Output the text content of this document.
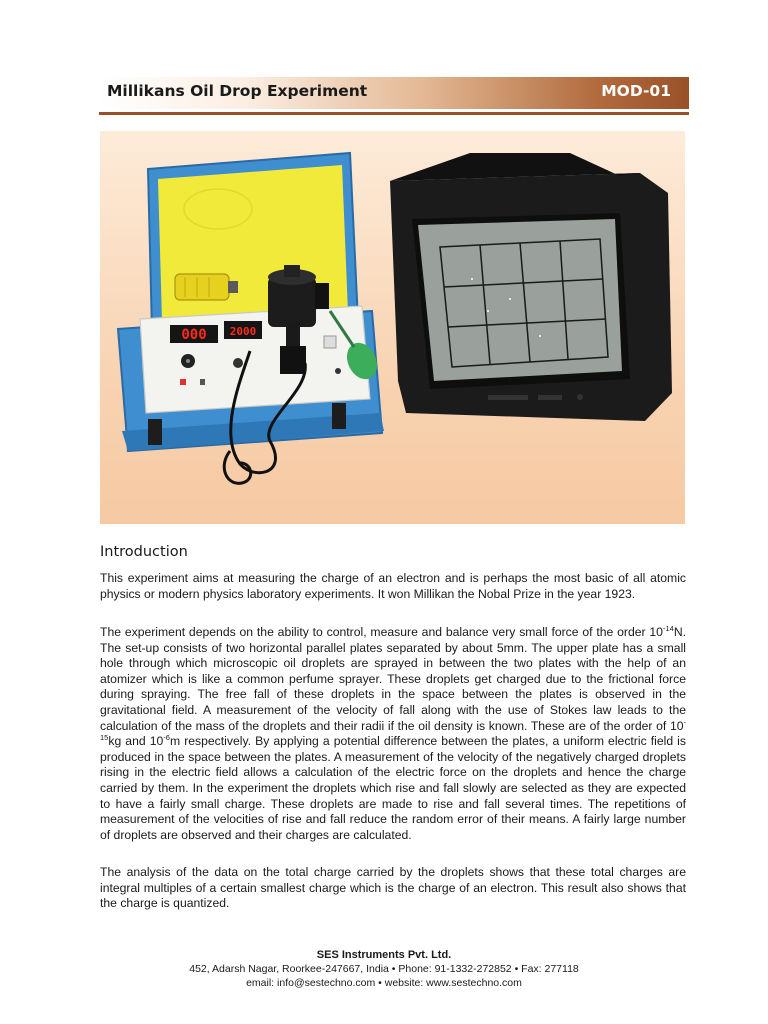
Millikans Oil Drop Experiment	MOD-01
000 2000
Introduction

This experiment aims at measuring the charge of an electron and is perhaps the most basic of all atomic physics or modern physics laboratory experiments. It won Millikan the Nobal Prize in the year 1923.

The experiment depends on the ability to control, measure and balance very small force of the order $10^{-14}N$. The set-up consists of two horizontal parallel plates separated by about 5mm. The upper plate has a small hole through which microscopic oil droplets are sprayed in between the two plates with the help of an atomizer which is like a common perfume sprayer. These droplets get charged due to the frictional force during spraying. The free fall of these droplets in the space between the plates is observed in the gravitational field. A measurement of the velocity of fall along with the use of Stokes law leads to the calculation of the mass of the droplets and their radii if the oil density is known. These are of the order of $10^{-15}kg$ and $10^{-6}m$ respectively. By applying a potential difference between the plates, a uniform electric field is produced in the space between the plates. A measurement of the velocity of the negatively charged droplets rising in the electric field allows a calculation of the electric force on the droplets and hence the charge carried by them. In the experiment the droplets which rise and fall slowly are selected as they are expected to have a fairly small charge. These droplets are made to rise and fall several times. The repetitions of measurement of the velocities of rise and fall reduce the random error of their means. A fairly large number of droplets are observed and their charges are calculated.

The analysis of the data on the total charge carried by the droplets shows that these total charges are integral multiples of a certain smallest charge which is the charge of an electron. This result also shows that the charge is quantized.

SES Instruments Pvt. Ltd.
452, Adarsh Nagar, Roorkee-247667, India • Phone: 91-1332-272852 • Fax: 277118
email: info@sestechno.com • website: www.sestechno.com
